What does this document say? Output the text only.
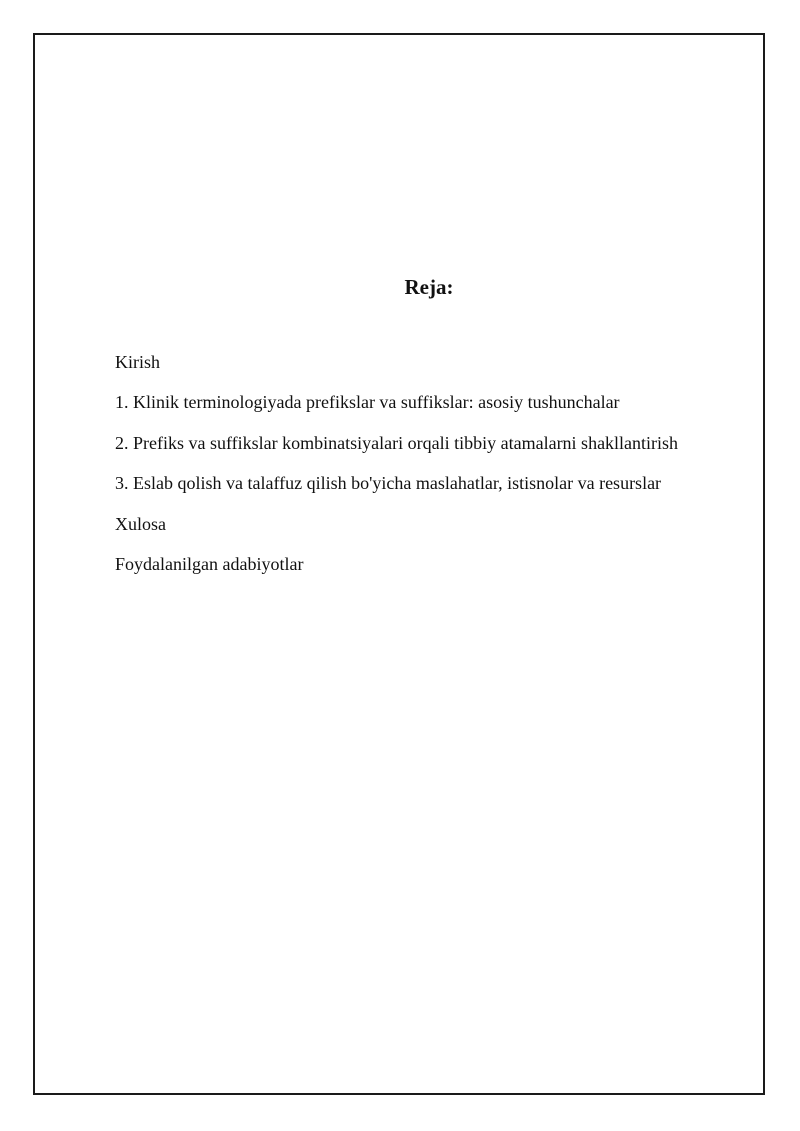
Reja:
Kirish
1. Klinik terminologiyada prefikslar va suffikslar: asosiy tushunchalar
2. Prefiks va suffikslar kombinatsiyalari orqali tibbiy atamalarni shakllantirish
3. Eslab qolish va talaffuz qilish bo'yicha maslahatlar, istisnolar va resurslar
Xulosa
Foydalanilgan adabiyotlar
